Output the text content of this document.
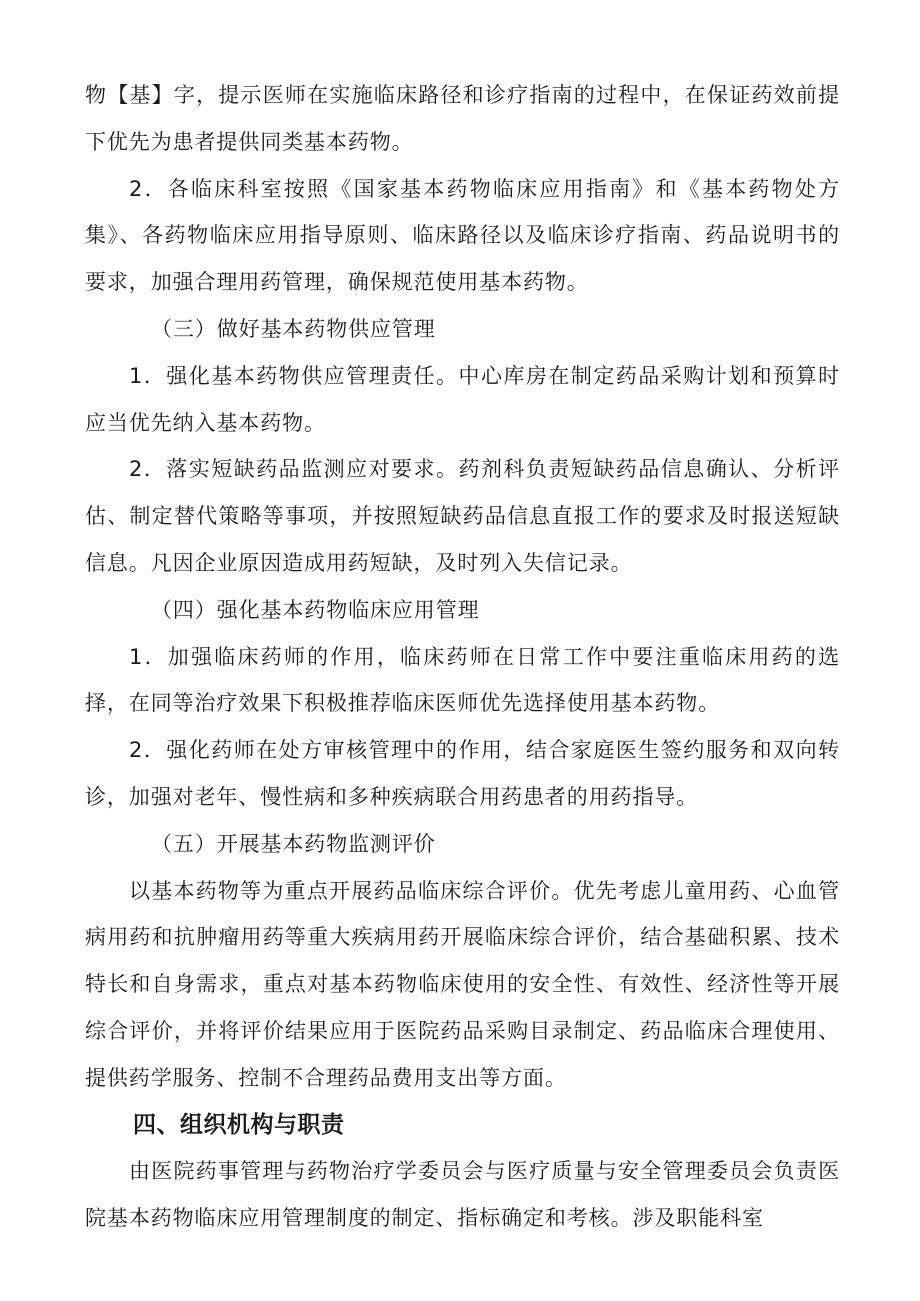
物【基】字，提示医师在实施临床路径和诊疗指南的过程中，在保证药效前提下优先为患者提供同类基本药物。

2．各临床科室按照《国家基本药物临床应用指南》和《基本药物处方集》、各药物临床应用指导原则、临床路径以及临床诊疗指南、药品说明书的要求，加强合理用药管理，确保规范使用基本药物。

（三）做好基本药物供应管理

1．强化基本药物供应管理责任。中心库房在制定药品采购计划和预算时应当优先纳入基本药物。

2．落实短缺药品监测应对要求。药剂科负责短缺药品信息确认、分析评估、制定替代策略等事项，并按照短缺药品信息直报工作的要求及时报送短缺信息。凡因企业原因造成用药短缺，及时列入失信记录。

（四）强化基本药物临床应用管理

1．加强临床药师的作用，临床药师在日常工作中要注重临床用药的选择，在同等治疗效果下积极推荐临床医师优先选择使用基本药物。

2．强化药师在处方审核管理中的作用，结合家庭医生签约服务和双向转诊，加强对老年、慢性病和多种疾病联合用药患者的用药指导。

（五）开展基本药物监测评价

以基本药物等为重点开展药品临床综合评价。优先考虑儿童用药、心血管病用药和抗肿瘤用药等重大疾病用药开展临床综合评价，结合基础积累、技术特长和自身需求，重点对基本药物临床使用的安全性、有效性、经济性等开展综合评价，并将评价结果应用于医院药品采购目录制定、药品临床合理使用、提供药学服务、控制不合理药品费用支出等方面。

四、组织机构与职责

由医院药事管理与药物治疗学委员会与医疗质量与安全管理委员会负责医院基本药物临床应用管理制度的制定、指标确定和考核。涉及职能科室
